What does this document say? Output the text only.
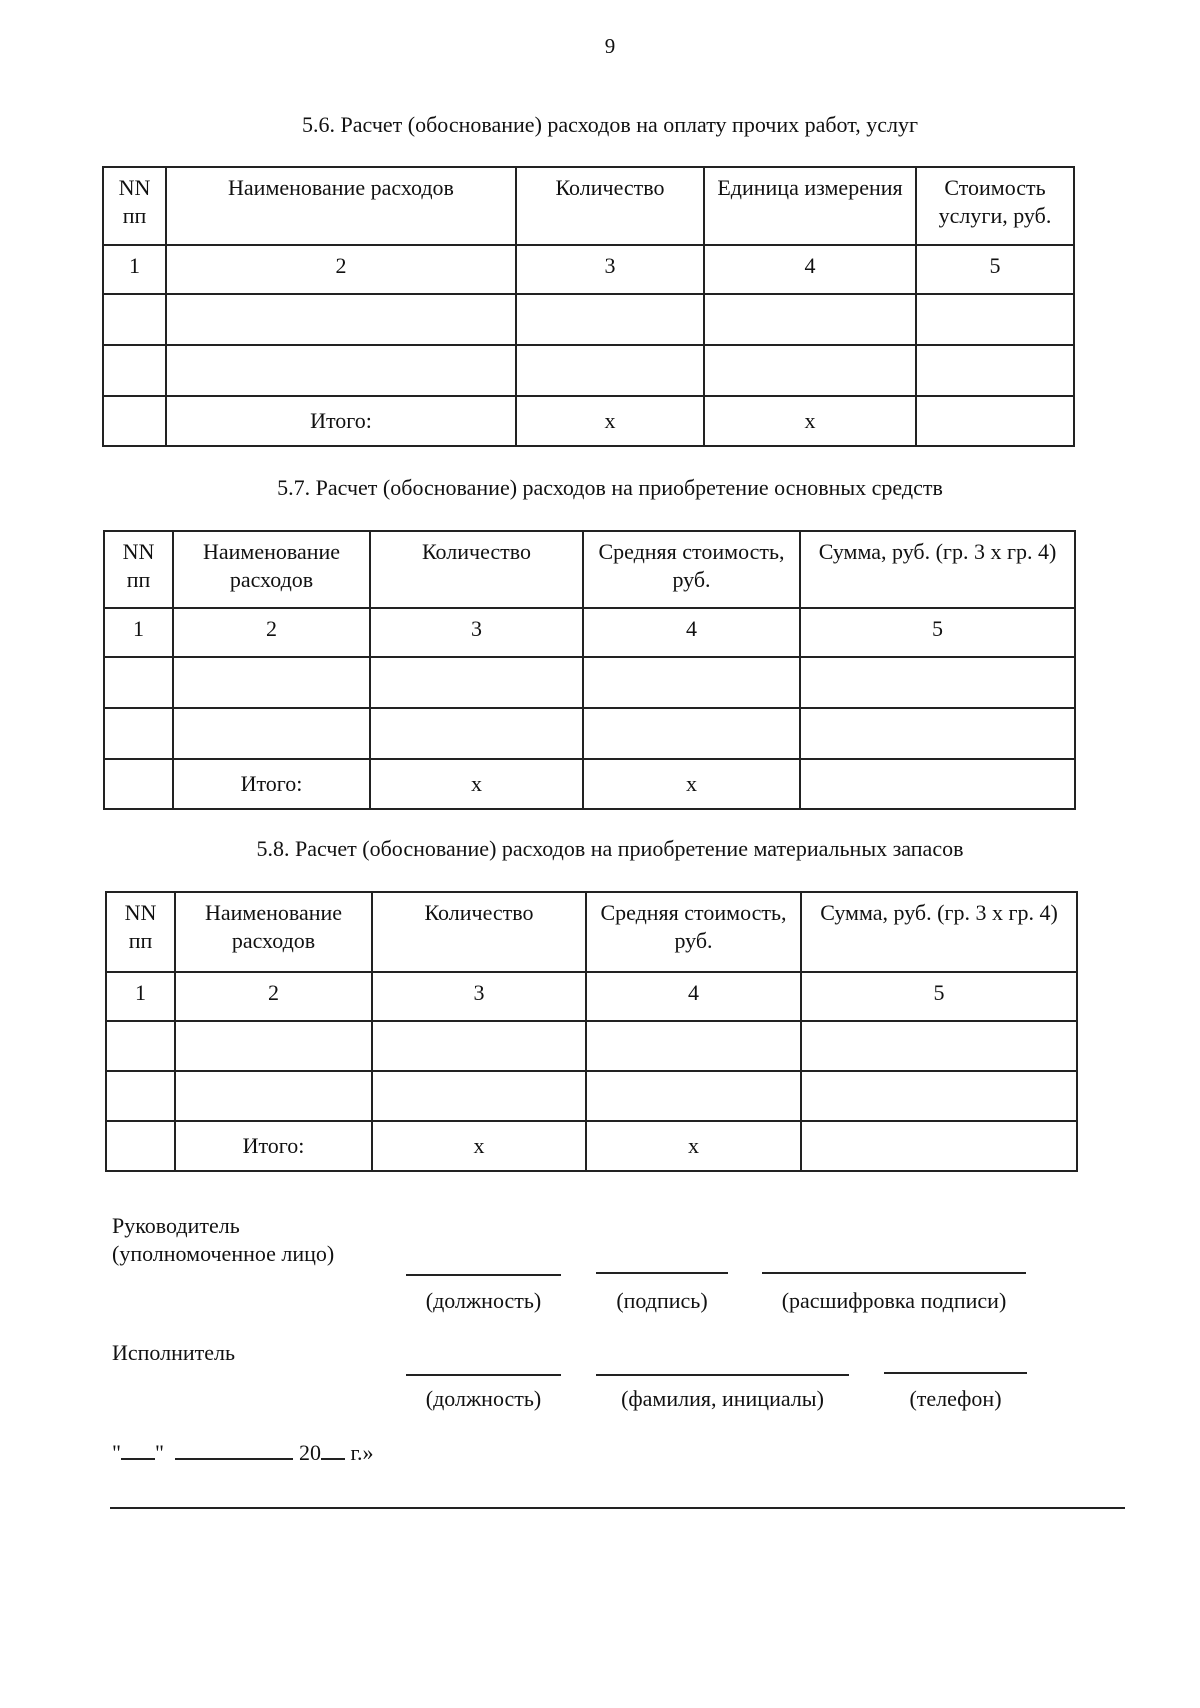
9
5.6. Расчет (обоснование) расходов на оплату прочих работ, услуг
NN пп	Наименование расходов	Количество	Единица измерения	Стоимость услуги, руб.
1	2	3	4	5

	Итого:	x	x	
5.7. Расчет (обоснование) расходов на приобретение основных средств
NN пп	Наименование расходов	Количество	Средняя стоимость, руб.	Сумма, руб. (гр. 3 x гр. 4)
1	2	3	4	5

	Итого:	x	x	
5.8. Расчет (обоснование) расходов на приобретение материальных запасов
NN пп	Наименование расходов	Количество	Средняя стоимость, руб.	Сумма, руб. (гр. 3 x гр. 4)
1	2	3	4	5

	Итого:	x	x	
Руководитель
(уполномоченное лицо)
(должность)	(подпись)	(расшифровка подписи)
Исполнитель
(должность)	(фамилия, инициалы)	(телефон)
" "	20 г.»
